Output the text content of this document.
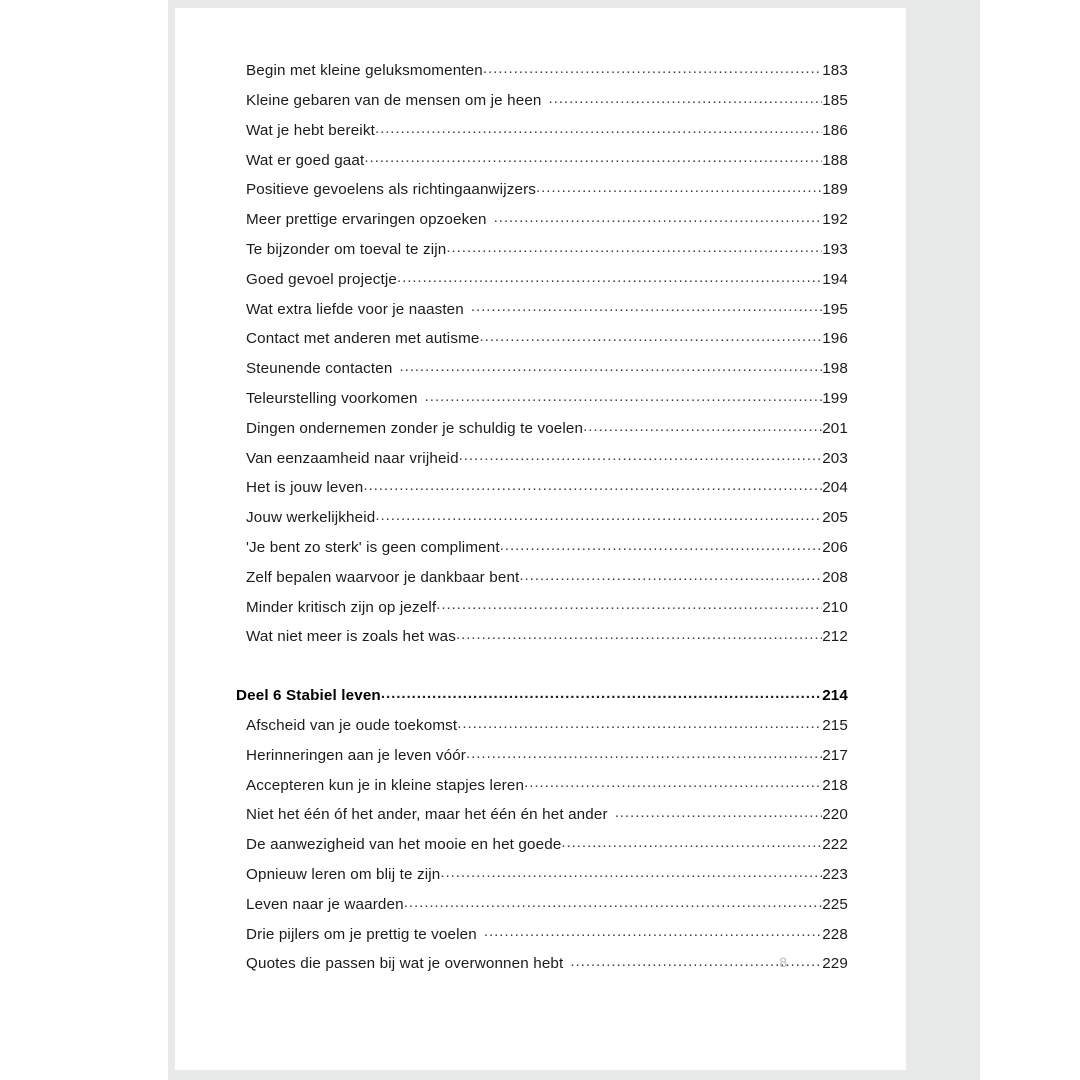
Begin met kleine geluksmomenten .....	183
Kleine gebaren van de mensen om je heen .....	185
Wat je hebt bereikt .....	186
Wat er goed gaat .....	188
Positieve gevoelens als richtingaanwijzers .....	189
Meer prettige ervaringen opzoeken .....	192
Te bijzonder om toeval te zijn .....	193
Goed gevoel projectje .....	194
Wat extra liefde voor je naasten .....	195
Contact met anderen met autisme .....	196
Steunende contacten .....	198
Teleurstelling voorkomen .....	199
Dingen ondernemen zonder je schuldig te voelen .....	201
Van eenzaamheid naar vrijheid .....	203
Het is jouw leven .....	204
Jouw werkelijkheid .....	205
'Je bent zo sterk' is geen compliment .....	206
Zelf bepalen waarvoor je dankbaar bent .....	208
Minder kritisch zijn op jezelf .....	210
Wat niet meer is zoals het was .....	212
Deel 6 Stabiel leven .....	214
Afscheid van je oude toekomst .....	215
Herinneringen aan je leven vóór .....	217
Accepteren kun je in kleine stapjes leren .....	218
Niet het één óf het ander, maar het één én het ander .....	220
De aanwezigheid van het mooie en het goede .....	222
Opnieuw leren om blij te zijn .....	223
Leven naar je waarden .....	225
Drie pijlers om je prettig te voelen .....	228
Quotes die passen bij wat je overwonnen hebt .....	229
8
